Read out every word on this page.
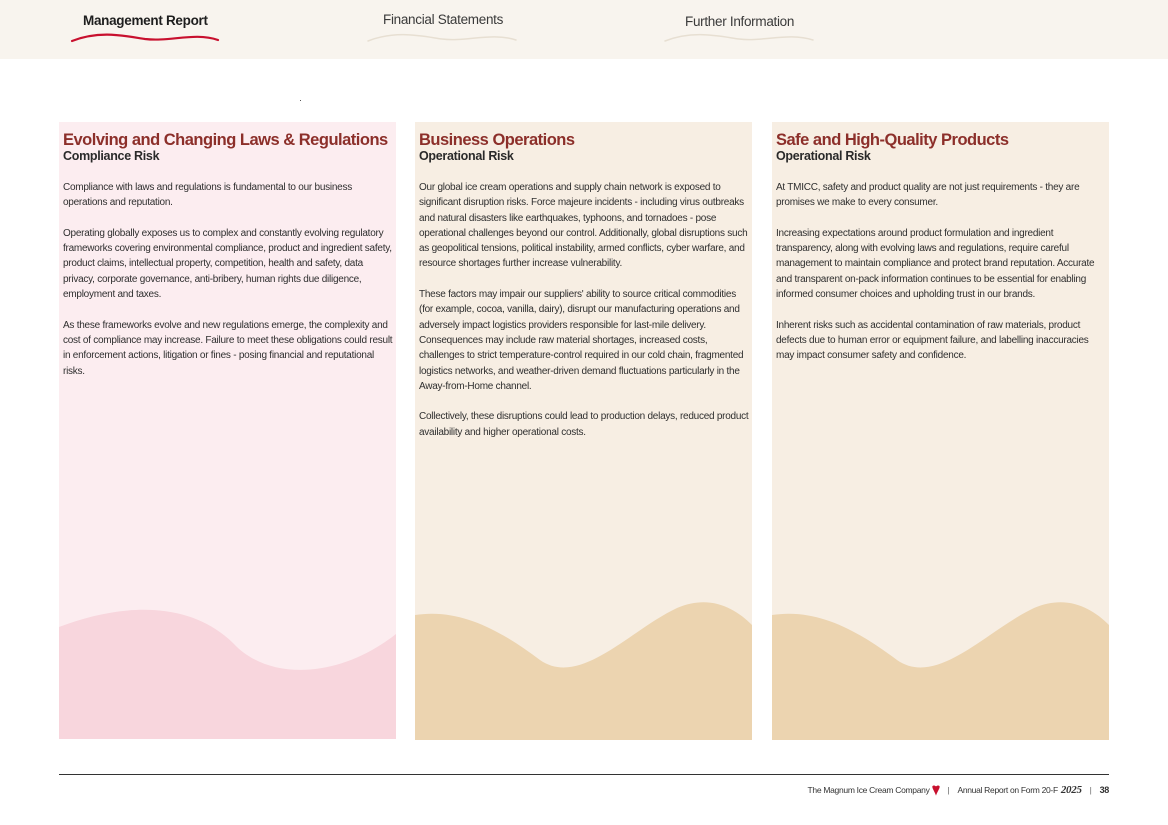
Management Report	Financial Statements	Further Information
Evolving and Changing Laws & Regulations
Compliance Risk

Compliance with laws and regulations is fundamental to our business operations and reputation.

Operating globally exposes us to complex and constantly evolving regulatory frameworks covering environmental compliance, product and ingredient safety, product claims, intellectual property, competition, health and safety, data privacy, corporate governance, anti-bribery, human rights due diligence, employment and taxes.

As these frameworks evolve and new regulations emerge, the complexity and cost of compliance may increase. Failure to meet these obligations could result in enforcement actions, litigation or fines - posing financial and reputational risks.

Business Operations
Operational Risk

Our global ice cream operations and supply chain network is exposed to significant disruption risks. Force majeure incidents - including virus outbreaks and natural disasters like earthquakes, typhoons, and tornadoes - pose operational challenges beyond our control. Additionally, global disruptions such as geopolitical tensions, political instability, armed conflicts, cyber warfare, and resource shortages further increase vulnerability.

These factors may impair our suppliers' ability to source critical commodities (for example, cocoa, vanilla, dairy), disrupt our manufacturing operations and adversely impact logistics providers responsible for last-mile delivery. Consequences may include raw material shortages, increased costs, challenges to strict temperature-control required in our cold chain, fragmented logistics networks, and weather-driven demand fluctuations particularly in the Away-from-Home channel.

Collectively, these disruptions could lead to production delays, reduced product availability and higher operational costs.

Safe and High-Quality Products
Operational Risk

At TMICC, safety and product quality are not just requirements - they are promises we make to every consumer.

Increasing expectations around product formulation and ingredient transparency, along with evolving laws and regulations, require careful management to maintain compliance and protect brand reputation. Accurate and transparent on-pack information continues to be essential for enabling informed consumer choices and upholding trust in our brands.

Inherent risks such as accidental contamination of raw materials, product defects due to human error or equipment failure, and labelling inaccuracies may impact consumer safety and confidence.

The Magnum Ice Cream Company | Annual Report on Form 20-F 2025 | 38
